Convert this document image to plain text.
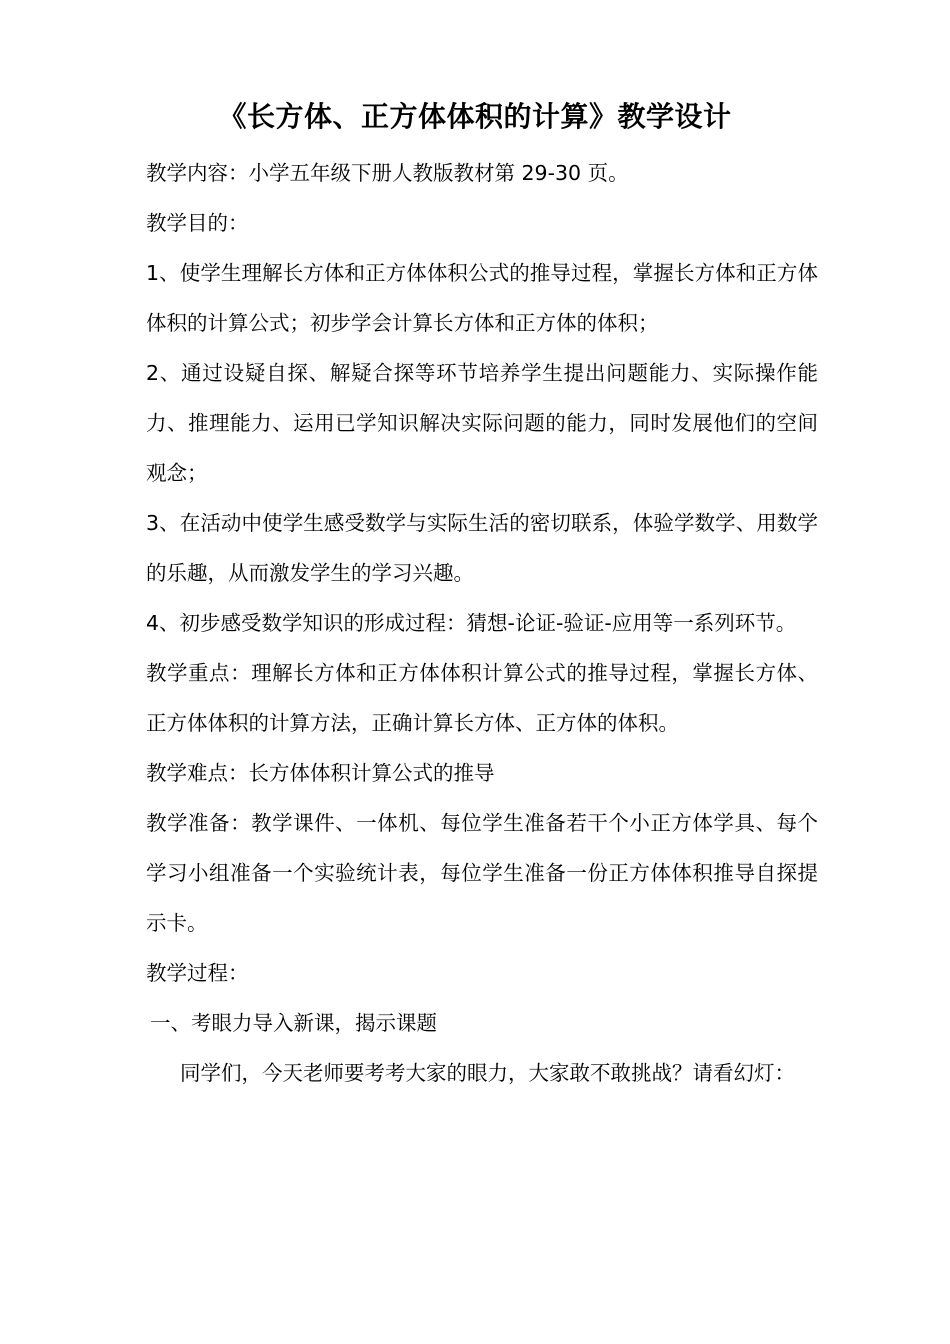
《长方体、正方体体积的计算》教学设计

教学内容：小学五年级下册人教版教材第 29-30 页。

教学目的：

1、使学生理解长方体和正方体体积公式的推导过程，掌握长方体和正方体体积的计算公式；初步学会计算长方体和正方体的体积；

2、通过设疑自探、解疑合探等环节培养学生提出问题能力、实际操作能力、推理能力、运用已学知识解决实际问题的能力，同时发展他们的空间观念；

3、在活动中使学生感受数学与实际生活的密切联系，体验学数学、用数学的乐趣，从而激发学生的学习兴趣。

4、初步感受数学知识的形成过程：猜想-论证-验证-应用等一系列环节。

教学重点：理解长方体和正方体体积计算公式的推导过程，掌握长方体、正方体体积的计算方法，正确计算长方体、正方体的体积。

教学难点：长方体体积计算公式的推导

教学准备：教学课件、一体机、每位学生准备若干个小正方体学具、每个学习小组准备一个实验统计表，每位学生准备一份正方体体积推导自探提示卡。

教学过程：

一、考眼力导入新课，揭示课题

同学们，今天老师要考考大家的眼力，大家敢不敢挑战？请看幻灯：
